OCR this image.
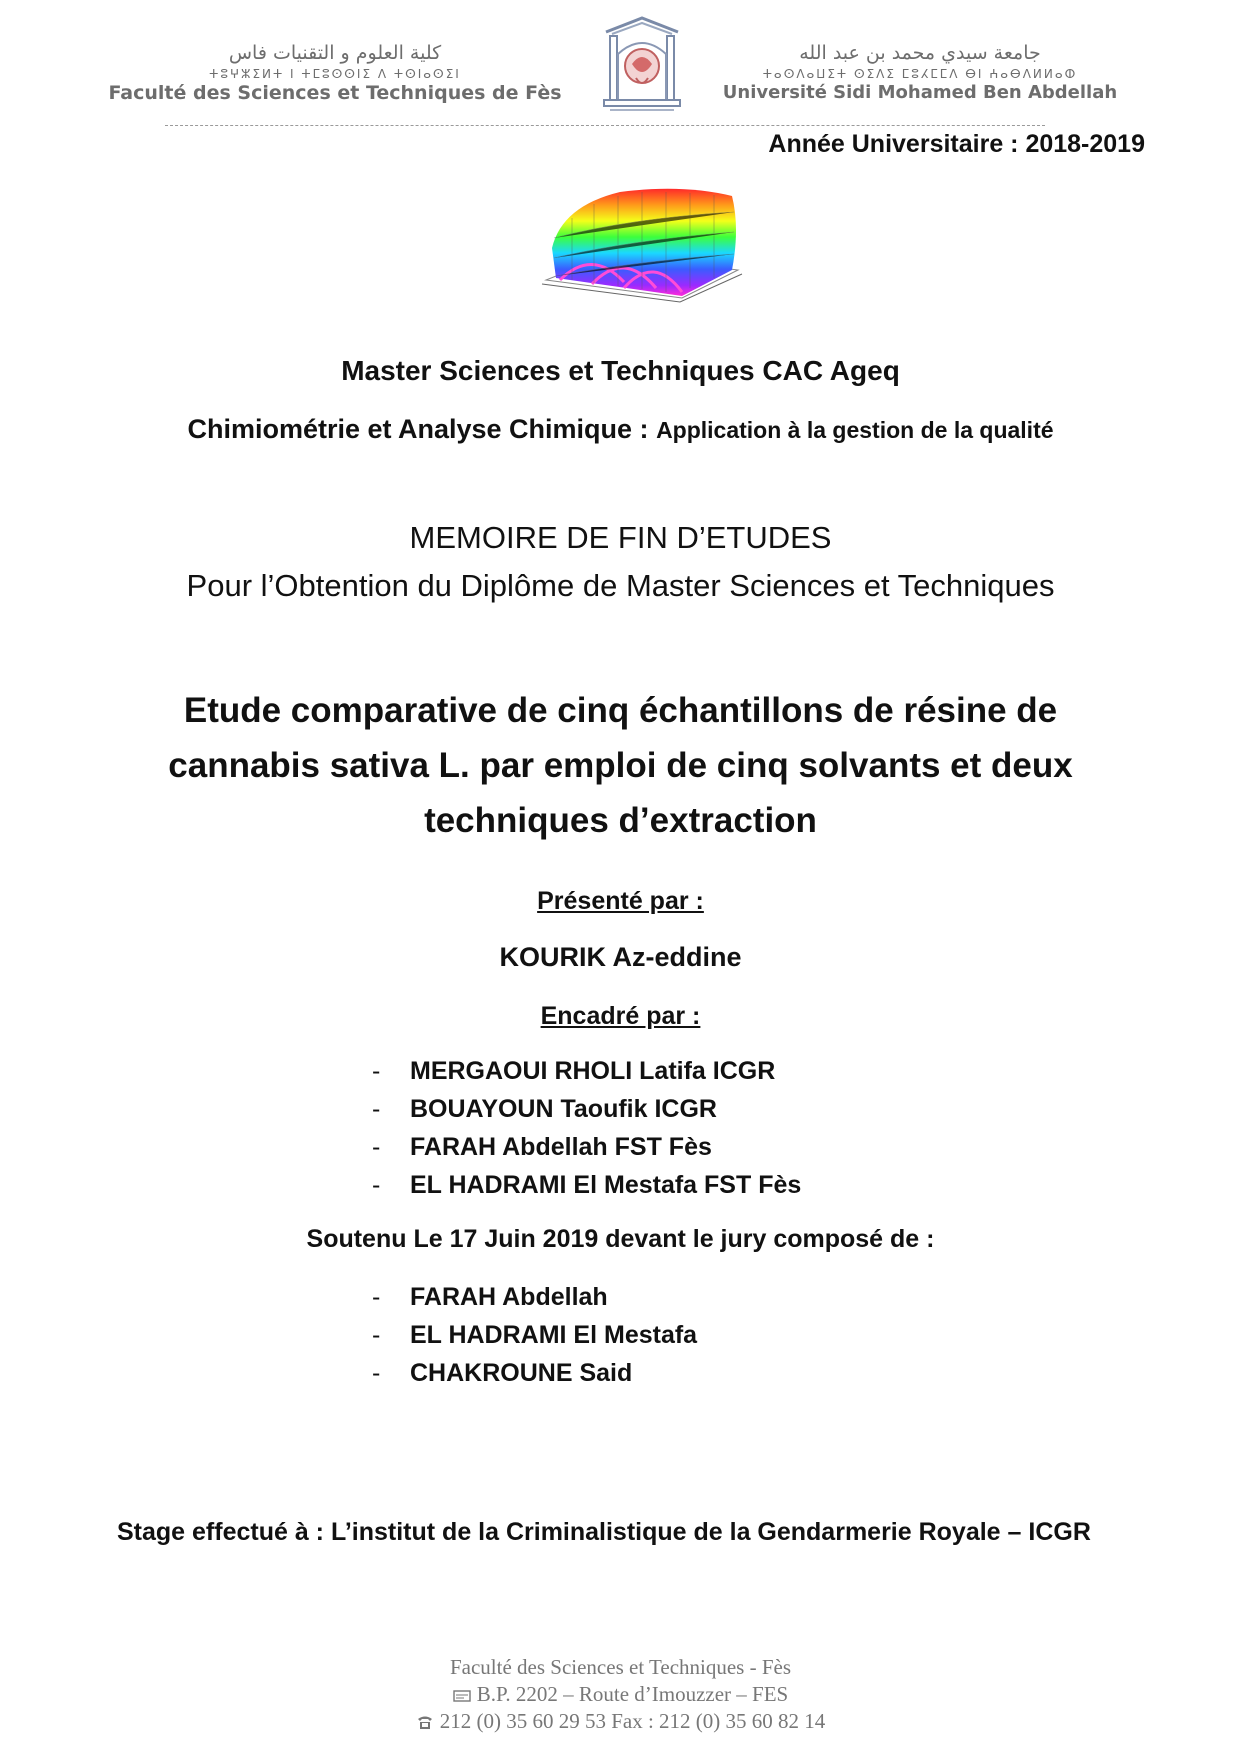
كلية العلوم و التقنيات فاس
ⵜⵓⵖⵣⵉⵍⵜ ⵏ ⵜⵎⵓⵙⵙⵏⵉ ⴷ ⵜⵙⵏⴰⵙⵉⵏ
Faculté des Sciences et Techniques de Fès
جامعة سيدي محمد بن عبد الله
ⵜⴰⵙⴷⴰⵡⵉⵜ ⵙⵉⴷⵉ ⵎⵓⵃⵎⵎⴷ ⴱⵏ ⵄⴰⴱⴷⵍⵍⴰⵀ
Université Sidi Mohamed Ben Abdellah
Année Universitaire : 2018-2019
Master Sciences et Techniques CAC Ageq
Chimiométrie et Analyse Chimique : Application à la gestion de la qualité
MEMOIRE DE FIN D’ETUDES
Pour l’Obtention du Diplôme de Master Sciences et Techniques
Etude comparative de cinq échantillons de résine de cannabis sativa L. par emploi de cinq solvants et deux techniques d’extraction
Présenté par :
KOURIK Az-eddine
Encadré par :
- MERGAOUI RHOLI Latifa ICGR
- BOUAYOUN Taoufik ICGR
- FARAH Abdellah FST Fès
- EL HADRAMI El Mestafa FST Fès
Soutenu Le 17 Juin 2019 devant le jury composé de :
- FARAH Abdellah
- EL HADRAMI El Mestafa
- CHAKROUNE Said
Stage effectué à : L’institut de la Criminalistique de la Gendarmerie Royale – ICGR
Faculté des Sciences et Techniques - Fès
B.P. 2202 – Route d’Imouzzer – FES
212 (0) 35 60 29 53 Fax : 212 (0) 35 60 82 14
